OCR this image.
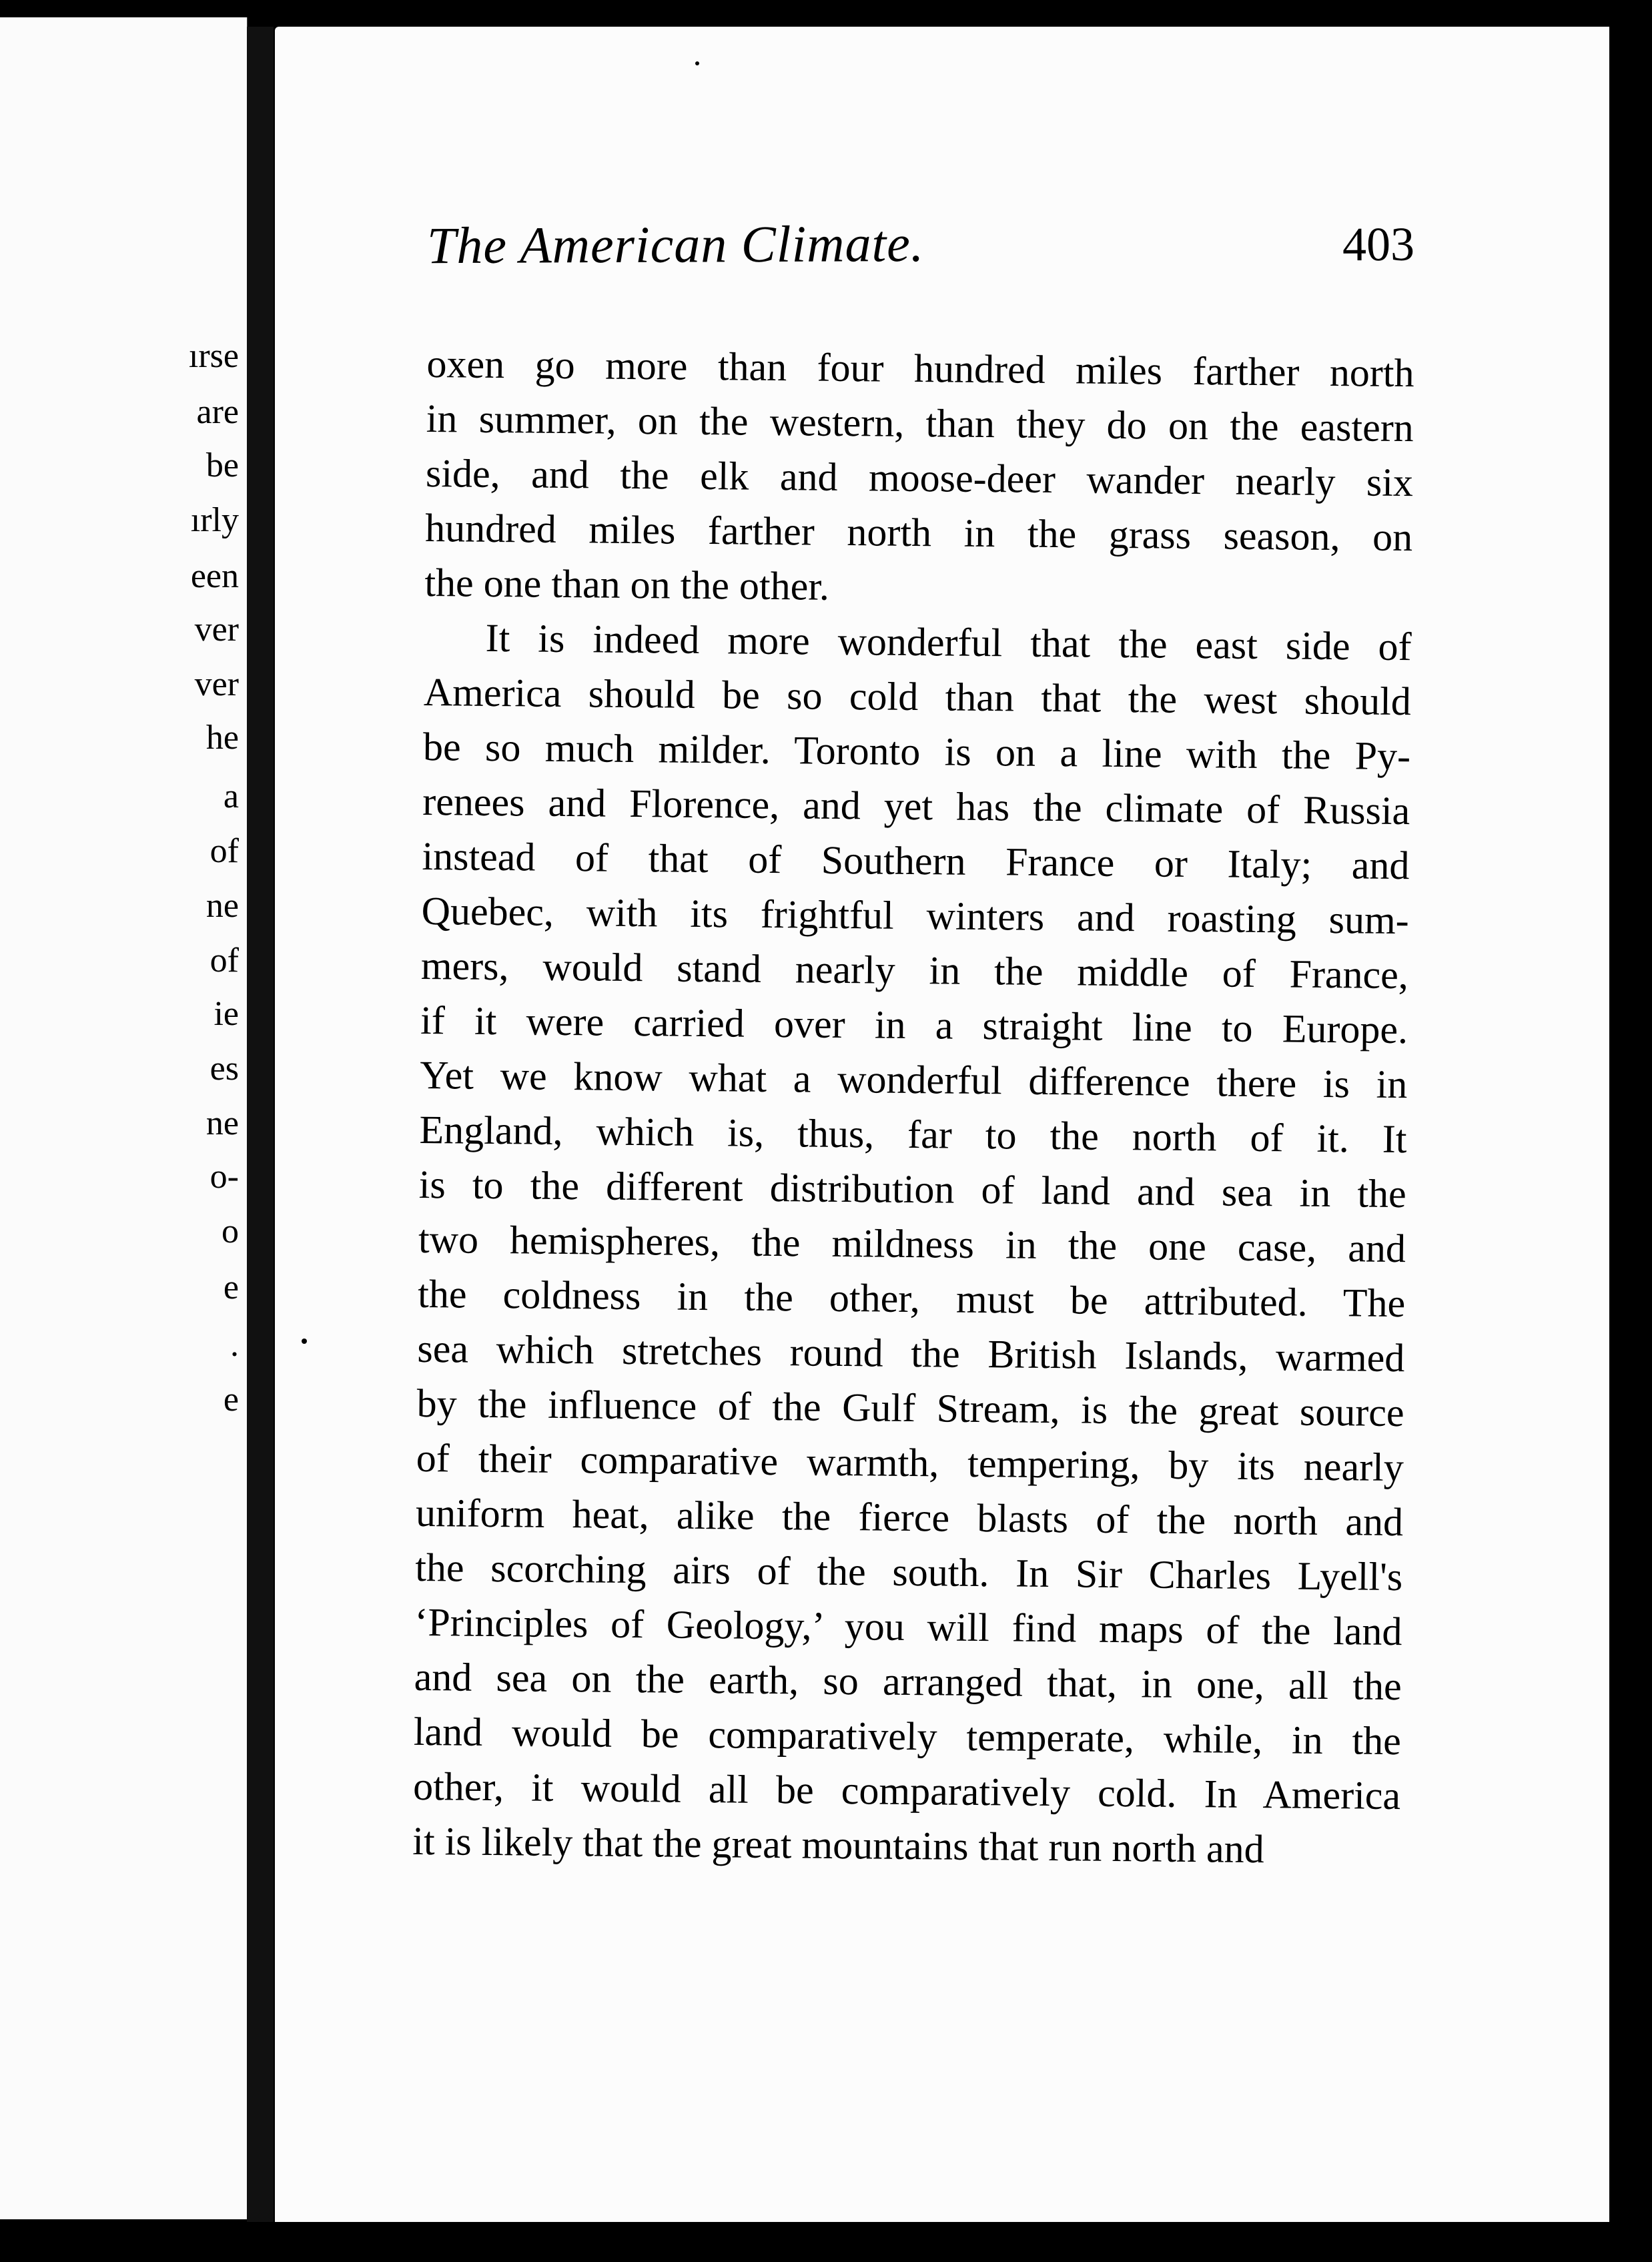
ırse
are
be
ırly
een
ver
ver
he
a
of
ne
of
ie
es
ne
o-
o
e
.
e
The American Climate.	403
oxen go more than four hundred miles farther north
in summer, on the western, than they do on the eastern
side, and the elk and moose-deer wander nearly six
hundred miles farther north in the grass season, on
the one than on the other.
It is indeed more wonderful that the east side of
America should be so cold than that the west should
be so much milder. Toronto is on a line with the Py-
renees and Florence, and yet has the climate of Russia
instead of that of Southern France or Italy; and
Quebec, with its frightful winters and roasting sum-
mers, would stand nearly in the middle of France,
if it were carried over in a straight line to Europe.
Yet we know what a wonderful difference there is in
England, which is, thus, far to the north of it. It
is to the different distribution of land and sea in the
two hemispheres, the mildness in the one case, and
the coldness in the other, must be attributed. The
sea which stretches round the British Islands, warmed
by the influence of the Gulf Stream, is the great source
of their comparative warmth, tempering, by its nearly
uniform heat, alike the fierce blasts of the north and
the scorching airs of the south. In Sir Charles Lyell's
‘Principles of Geology,’ you will find maps of the land
and sea on the earth, so arranged that, in one, all the
land would be comparatively temperate, while, in the
other, it would all be comparatively cold. In America
it is likely that the great mountains that run north and
